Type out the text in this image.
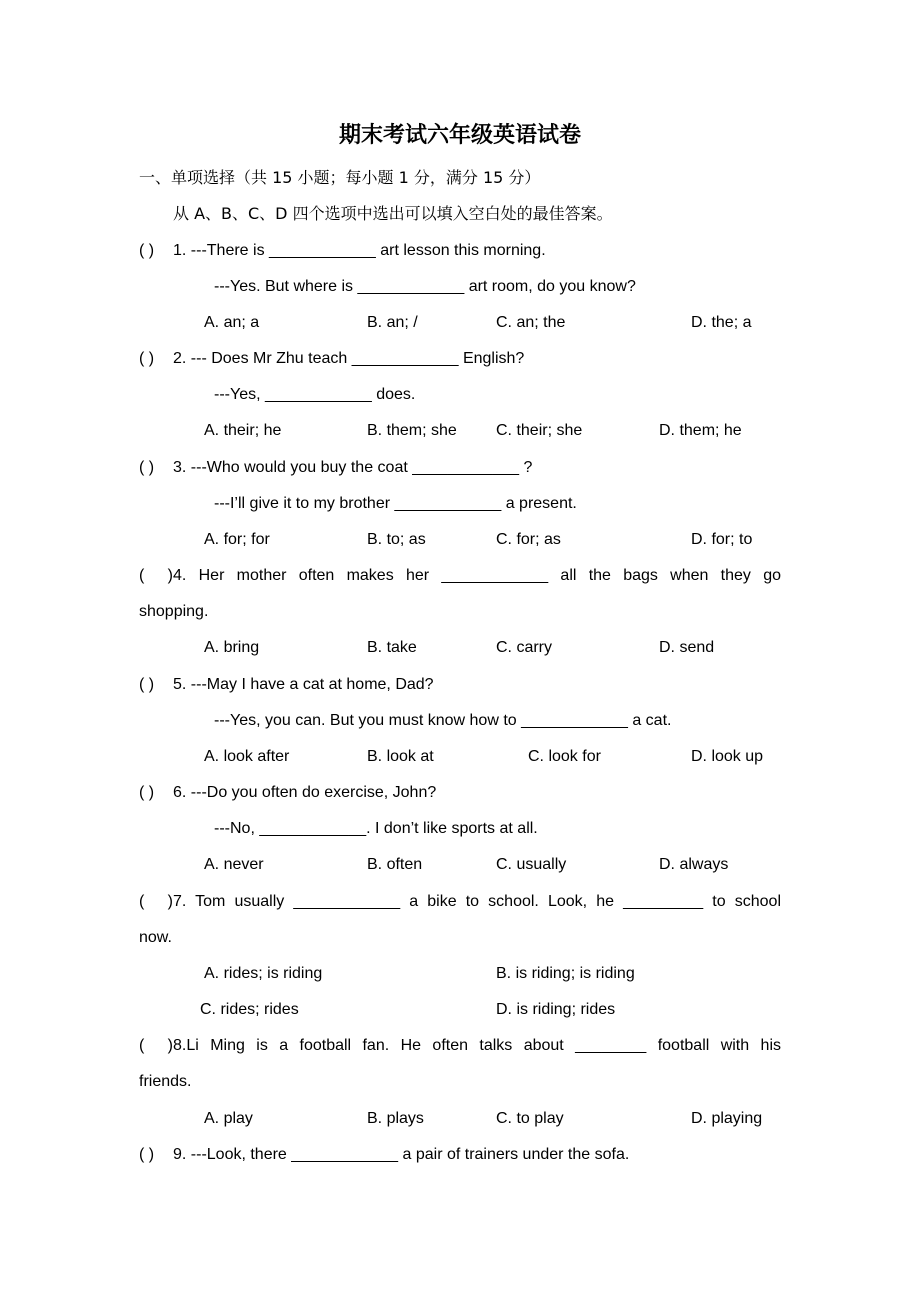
期末考试六年级英语试卷
一、单项选择（共 15 小题；每小题 1 分，满分 15 分）
从 A、B、C、D 四个选项中选出可以填入空白处的最佳答案。
( ) 1. ---There is ____________ art lesson this morning.
---Yes. But where is ____________ art room, do you know?
A. an; a	B. an; /	C. an; the	D. the; a
( ) 2. --- Does Mr Zhu teach ____________ English?
---Yes, ____________ does.
A. their; he	B. them; she C. their; she	D. them; he
( ) 3. ---Who would you buy the coat ____________ ?
---I’ll give it to my brother ____________ a present.
A. for; for	B. to; as	C. for; as	D. for; to
( )4. Her mother often makes her ____________ all the bags when they go
shopping.
A. bring	B. take	C. carry	D. send
( ) 5. ---May I have a cat at home, Dad?
---Yes, you can. But you must know how to ____________ a cat.
A. look after	B. look at	C. look for	D. look up
( ) 6. ---Do you often do exercise, John?
---No, ____________. I don’t like sports at all.
A. never	B. often	C. usually	D. always
( )7. Tom usually ____________ a bike to school. Look, he _________ to school
now.
A. rides; is riding	B. is riding; is riding
C. rides; rides	D. is riding; rides
( )8.Li Ming is a football fan. He often talks about ________ football with his
friends.
A. play	B. plays	C. to play	D. playing
( ) 9. ---Look, there ____________ a pair of trainers under the sofa.
